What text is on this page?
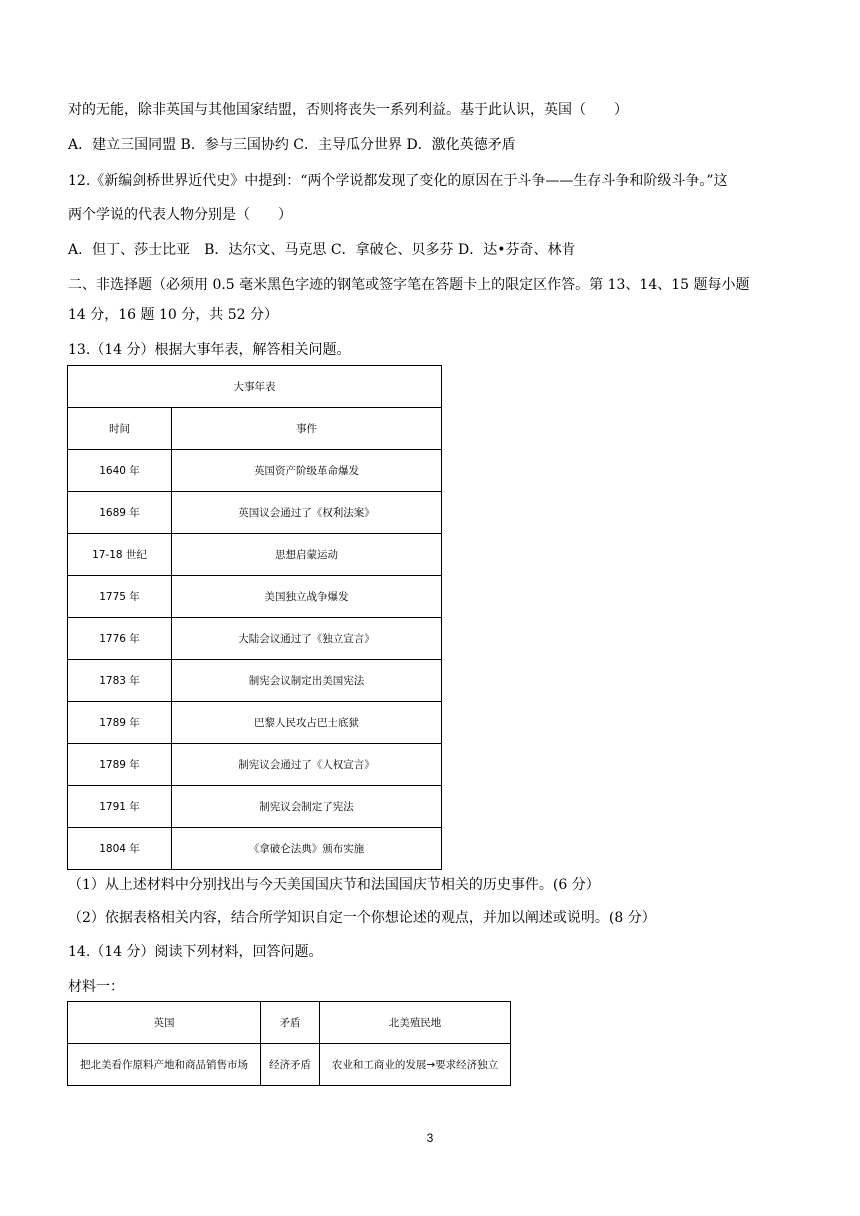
对的无能，除非英国与其他国家结盟，否则将丧失一系列利益。基于此认识，英国（　　）
A．建立三国同盟 B．参与三国协约 C．主导瓜分世界 D．激化英德矛盾
12.《新编剑桥世界近代史》中提到：“两个学说都发现了变化的原因在于斗争——生存斗争和阶级斗争。”这
两个学说的代表人物分别是（　　）
A．但丁、莎士比亚　B．达尔文、马克思 C．拿破仑、贝多芬 D．达•芬奇、林肯
二、非选择题（必须用 0.5 毫米黑色字迹的钢笔或签字笔在答题卡上的限定区作答。第 13、14、15 题每小题
14 分，16 题 10 分，共 52 分）
13.（14 分）根据大事年表，解答相关问题。
大事年表	
时间	事件
1640 年	英国资产阶级革命爆发
1689 年	英国议会通过了《权利法案》
17-18 世纪	思想启蒙运动
1775 年	美国独立战争爆发
1776 年	大陆会议通过了《独立宣言》
1783 年	制宪会议制定出美国宪法
1789 年	巴黎人民攻占巴士底狱
1789 年	制宪议会通过了《人权宣言》
1791 年	制宪议会制定了宪法
1804 年	《拿破仑法典》颁布实施
（1）从上述材料中分别找出与今天美国国庆节和法国国庆节相关的历史事件。(6 分）
（2）依据表格相关内容，结合所学知识自定一个你想论述的观点，并加以阐述或说明。(8 分）
14.（14 分）阅读下列材料，回答问题。
材料一：
英国	矛盾	北美殖民地
把北美看作原料产地和商品销售市场	经济矛盾	农业和工商业的发展→要求经济独立
3
